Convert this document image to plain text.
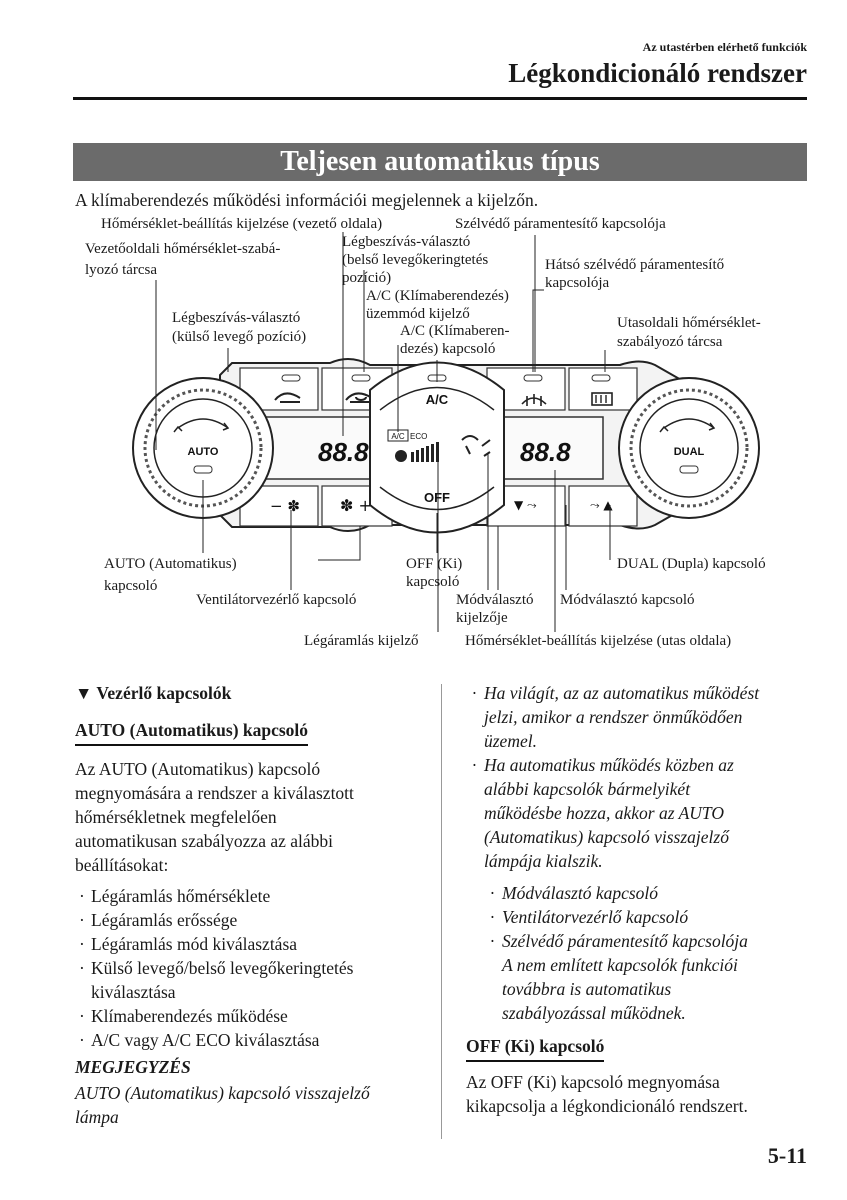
Az utastérben elérhető funkciók
Légkondicionáló rendszer
Teljesen automatikus típus
A klímaberendezés működési információi megjelennek a kijelzőn.
A/C
OFF
88.8	88.8
A/C ECO
− ✽	✽ +	▼ ⤳	⤳ ▲
AUTO	DUAL
Hőmérséklet-beállítás kijelzése (vezető oldala)	Szélvédő páramentesítő kapcsolója
Vezetőoldali hőmérséklet-szabá-
lyozó tárcsa
Légbeszívás-választó
(belső levegőkeringtetés
pozíció)
Hátsó szélvédő páramentesítő
kapcsolója
A/C (Klímaberendezés)
üzemmód kijelző
Légbeszívás-választó
(külső levegő pozíció)	A/C (Klímaberen-
dezés) kapcsoló
Utasoldali hőmérséklet-
szabályozó tárcsa
AUTO (Automatikus)
kapcsoló
OFF (Ki)
kapcsoló
DUAL (Dupla) kapcsoló
Ventilátorvezérlő kapcsoló	Módválasztó
kijelzője
Módválasztó kapcsoló
Légáramlás kijelző	Hőmérséklet-beállítás kijelzése (utas oldala)
▼ Vezérlő kapcsolók
AUTO (Automatikus) kapcsoló
Az AUTO (Automatikus) kapcsoló
megnyomására a rendszer a kiválasztott
hőmérsékletnek megfelelően
automatikusan szabályozza az alábbi
beállításokat:
· Légáramlás hőmérséklete
· Légáramlás erőssége
· Légáramlás mód kiválasztása
· Külső levegő/belső levegőkeringtetés
kiválasztása
· Klímaberendezés működése
· A/C vagy A/C ECO kiválasztása
MEGJEGYZÉS
AUTO (Automatikus) kapcsoló visszajelző
lámpa
· Ha világít, az az automatikus működést
jelzi, amikor a rendszer önműködően
üzemel.
· Ha automatikus működés közben az
alábbi kapcsolók bármelyikét
működésbe hozza, akkor az AUTO
(Automatikus) kapcsoló visszajelző
lámpája kialszik.
· Módválasztó kapcsoló
· Ventilátorvezérlő kapcsoló
· Szélvédő páramentesítő kapcsolója
A nem említett kapcsolók funkciói
továbbra is automatikus
szabályozással működnek.
OFF (Ki) kapcsoló
Az OFF (Ki) kapcsoló megnyomása
kikapcsolja a légkondicionáló rendszert.
5-11
